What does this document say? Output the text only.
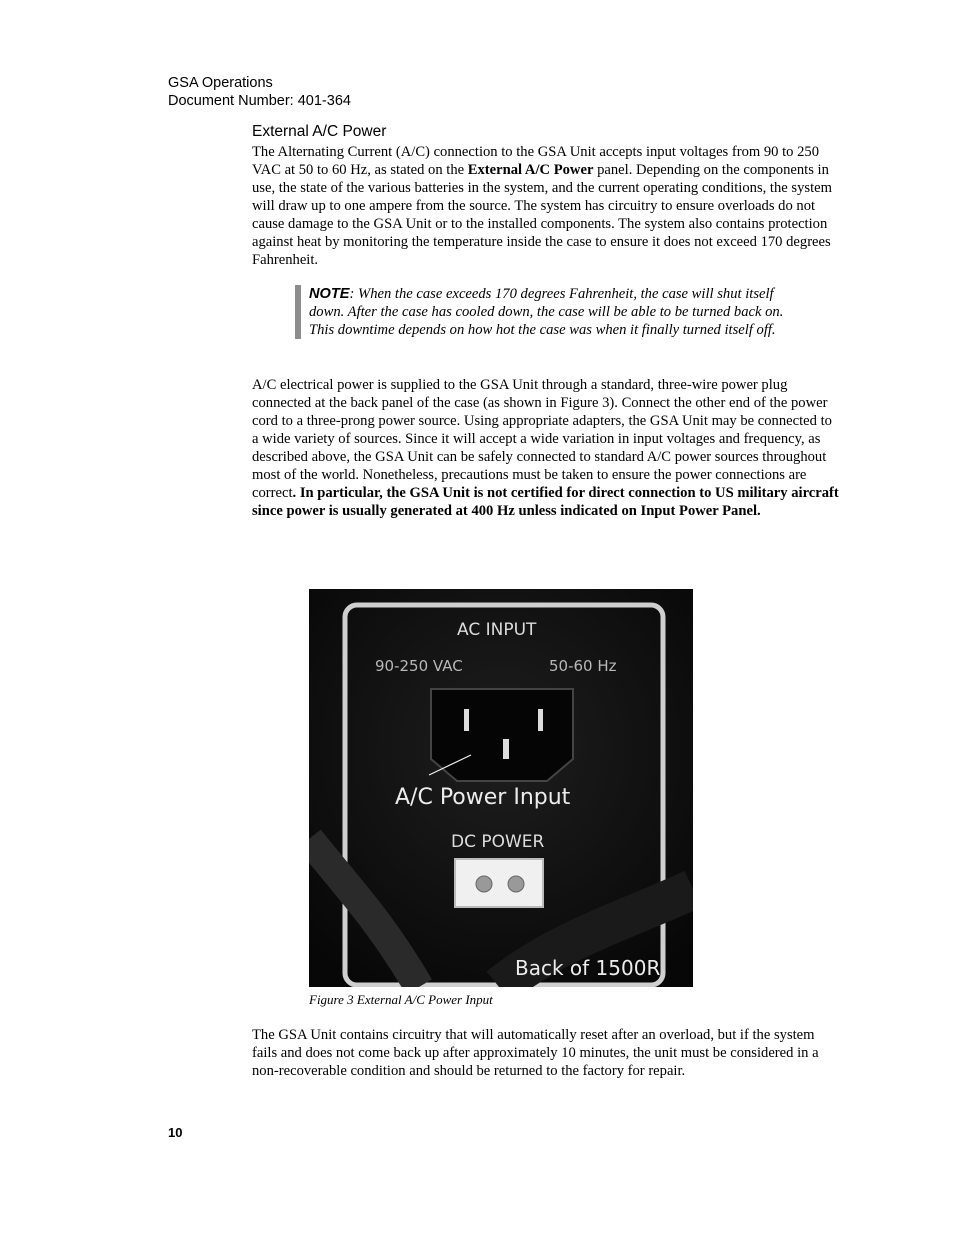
GSA Operations
Document Number: 401-364
External A/C Power
The Alternating Current (A/C) connection to the GSA Unit accepts input voltages from 90 to 250 VAC at 50 to 60 Hz, as stated on the External A/C Power panel. Depending on the components in use, the state of the various batteries in the system, and the current operating conditions, the system will draw up to one ampere from the source. The system has circuitry to ensure overloads do not cause damage to the GSA Unit or to the installed components. The system also contains protection against heat by monitoring the temperature inside the case to ensure it does not exceed 170 degrees Fahrenheit.
NOTE: When the case exceeds 170 degrees Fahrenheit, the case will shut itself down. After the case has cooled down, the case will be able to be turned back on. This downtime depends on how hot the case was when it finally turned itself off.
A/C electrical power is supplied to the GSA Unit through a standard, three-wire power plug connected at the back panel of the case (as shown in Figure 3). Connect the other end of the power cord to a three-prong power source. Using appropriate adapters, the GSA Unit may be connected to a wide variety of sources. Since it will accept a wide variation in input voltages and frequency, as described above, the GSA Unit can be safely connected to standard A/C power sources throughout most of the world. Nonetheless, precautions must be taken to ensure the power connections are correct. In particular, the GSA Unit is not certified for direct connection to US military aircraft since power is usually generated at 400 Hz unless indicated on Input Power Panel.
AC INPUT
90-250 VAC	50-60 Hz
A/C Power Input
DC POWER
Back of 1500R
Figure 3 External A/C Power Input
The GSA Unit contains circuitry that will automatically reset after an overload, but if the system fails and does not come back up after approximately 10 minutes, the unit must be considered in a non-recoverable condition and should be returned to the factory for repair.
10
